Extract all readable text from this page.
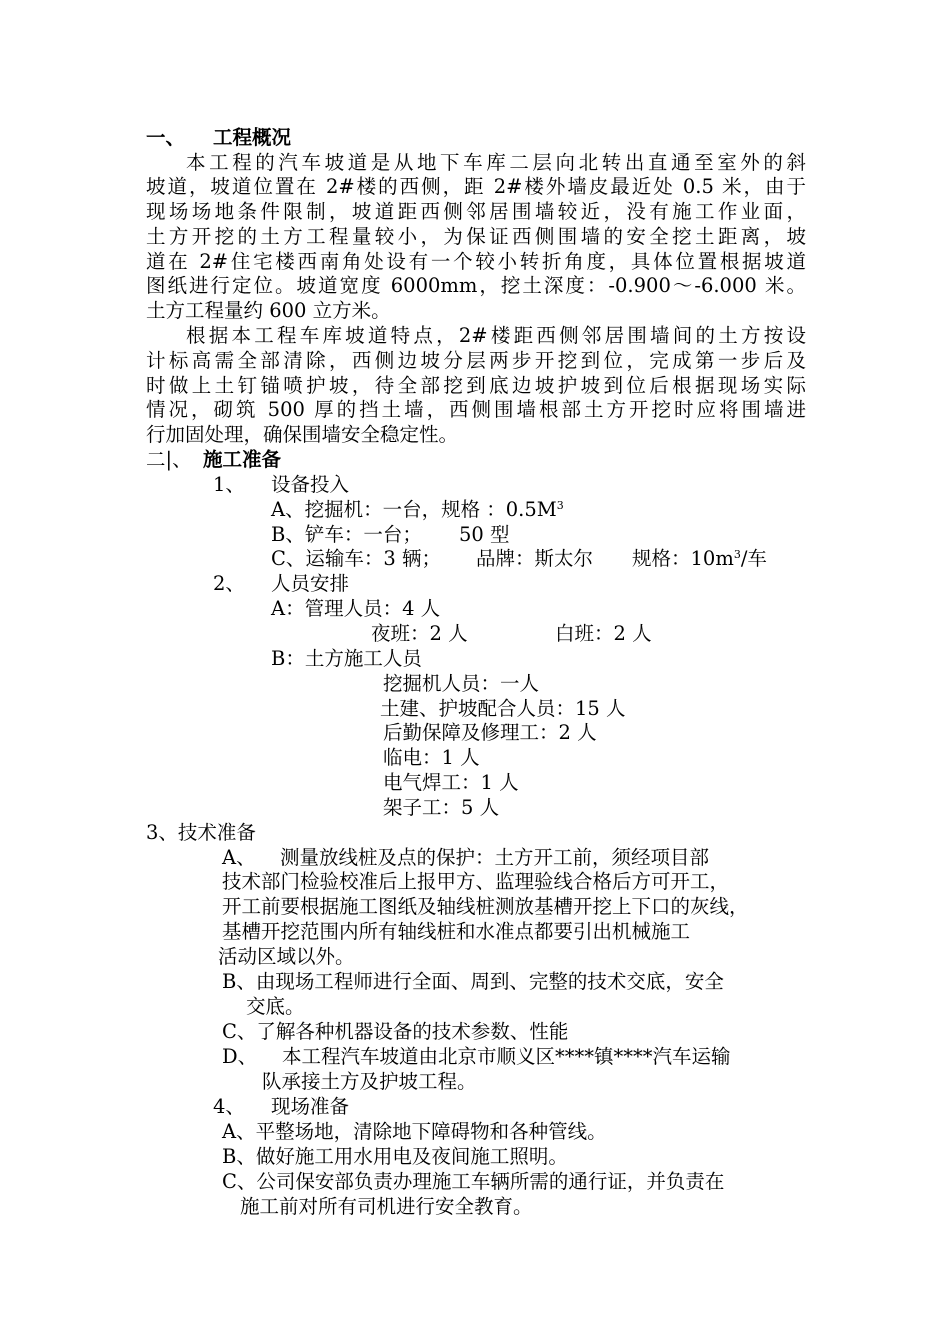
一、 工程概况
本工程的汽车坡道是从地下车库二层向北转出直通至室外的斜
坡道，坡道位置在 2#楼的西侧，距 2#楼外墙皮最近处 0.5 米，由于
现场场地条件限制，坡道距西侧邻居围墙较近，没有施工作业面，
土方开挖的土方工程量较小，为保证西侧围墙的安全挖土距离，坡
道在 2#住宅楼西南角处设有一个较小转折角度，具体位置根据坡道
图纸进行定位。坡道宽度 6000mm，挖土深度：-0.900～-6.000 米。
土方工程量约 600 立方米。
根据本工程车库坡道特点，2#楼距西侧邻居围墙间的土方按设
计标高需全部清除，西侧边坡分层两步开挖到位，完成第一步后及
时做上土钉锚喷护坡，待全部挖到底边坡护坡到位后根据现场实际
情况，砌筑 500 厚的挡土墙，西侧围墙根部土方开挖时应将围墙进
行加固处理，确保围墙安全稳定性。
二|、 施工准备
1、 设备投入
A、挖掘机：一台，规格 ：$0.5M^3$
B、铲车：一台； 50 型
C、运输车：3 辆； 品牌：斯太尔 规格：$10m^3/$车
2、 人员安排
A：管理人员：4 人
夜班：2 人	白班：2 人
B：土方施工人员
挖掘机人员：一人
土建、护坡配合人员：15 人
后勤保障及修理工：2 人
临电：1 人
电气焊工：1 人
架子工：5 人
3、技术准备
A、 测量放线桩及点的保护：土方开工前，须经项目部
技术部门检验校准后上报甲方、监理验线合格后方可开工，
开工前要根据施工图纸及轴线桩测放基槽开挖上下口的灰线，
基槽开挖范围内所有轴线桩和水准点都要引出机械施工
活动区域以外。
B、由现场工程师进行全面、周到、完整的技术交底，安全
交底。
C、了解各种机器设备的技术参数、性能
D、 本工程汽车坡道由北京市顺义区****镇****汽车运输
队承接土方及护坡工程。
4、 现场准备
A、平整场地，清除地下障碍物和各种管线。
B、做好施工用水用电及夜间施工照明。
C、公司保安部负责办理施工车辆所需的通行证，并负责在
施工前对所有司机进行安全教育。
